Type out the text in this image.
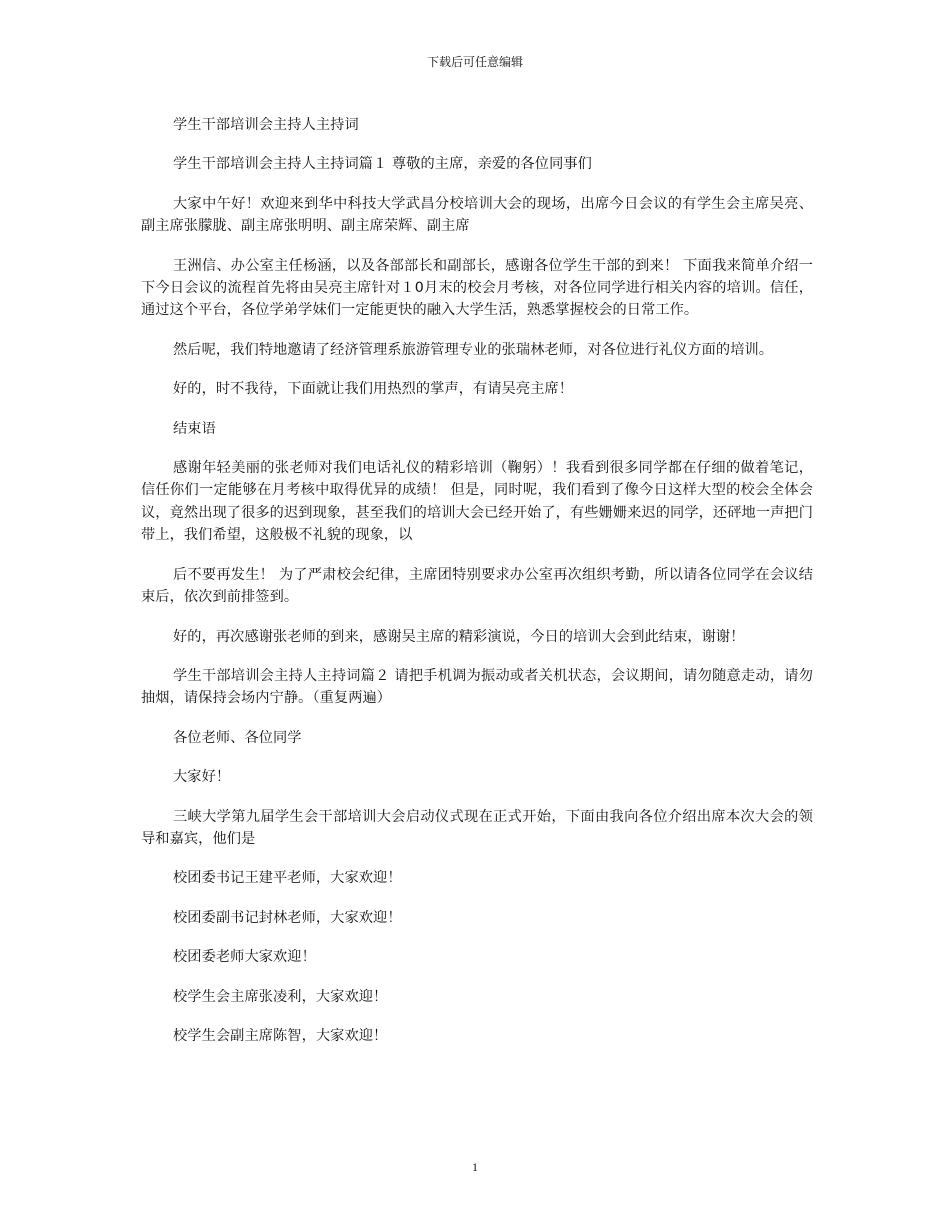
下载后可任意编辑

学生干部培训会主持人主持词

学生干部培训会主持人主持词篇１ 尊敬的主席，亲爱的各位同事们

大家中午好！欢迎来到华中科技大学武昌分校培训大会的现场，出席今日会议的有学生会主席吴亮、副主席张朦胧、副主席张明明、副主席荣辉、副主席

王洲信、办公室主任杨涵，以及各部部长和副部长，感谢各位学生干部的到来！ 下面我来简单介绍一下今日会议的流程首先将由吴亮主席针对１0月末的校会月考核，对各位同学进行相关内容的培训。信任，通过这个平台，各位学弟学妹们一定能更快的融入大学生活，熟悉掌握校会的日常工作。

然后呢，我们特地邀请了经济管理系旅游管理专业的张瑞林老师，对各位进行礼仪方面的培训。

好的，时不我待，下面就让我们用热烈的掌声，有请吴亮主席！

结束语

感谢年轻美丽的张老师对我们电话礼仪的精彩培训（鞠躬）！我看到很多同学都在仔细的做着笔记，信任你们一定能够在月考核中取得优异的成绩！ 但是，同时呢，我们看到了像今日这样大型的校会全体会议，竟然出现了很多的迟到现象，甚至我们的培训大会已经开始了，有些姗姗来迟的同学，还砰地一声把门带上，我们希望，这般极不礼貌的现象，以

后不要再发生！ 为了严肃校会纪律，主席团特别要求办公室再次组织考勤，所以请各位同学在会议结束后，依次到前排签到。

好的，再次感谢张老师的到来，感谢吴主席的精彩演说，今日的培训大会到此结束，谢谢！

学生干部培训会主持人主持词篇２ 请把手机调为振动或者关机状态，会议期间，请勿随意走动，请勿抽烟，请保持会场内宁静。（重复两遍）

各位老师、各位同学

大家好！

三峡大学第九届学生会干部培训大会启动仪式现在正式开始，下面由我向各位介绍出席本次大会的领导和嘉宾，他们是

校团委书记王建平老师，大家欢迎！

校团委副书记封林老师，大家欢迎！

校团委老师大家欢迎！

校学生会主席张凌利，大家欢迎！

校学生会副主席陈智，大家欢迎！

1
